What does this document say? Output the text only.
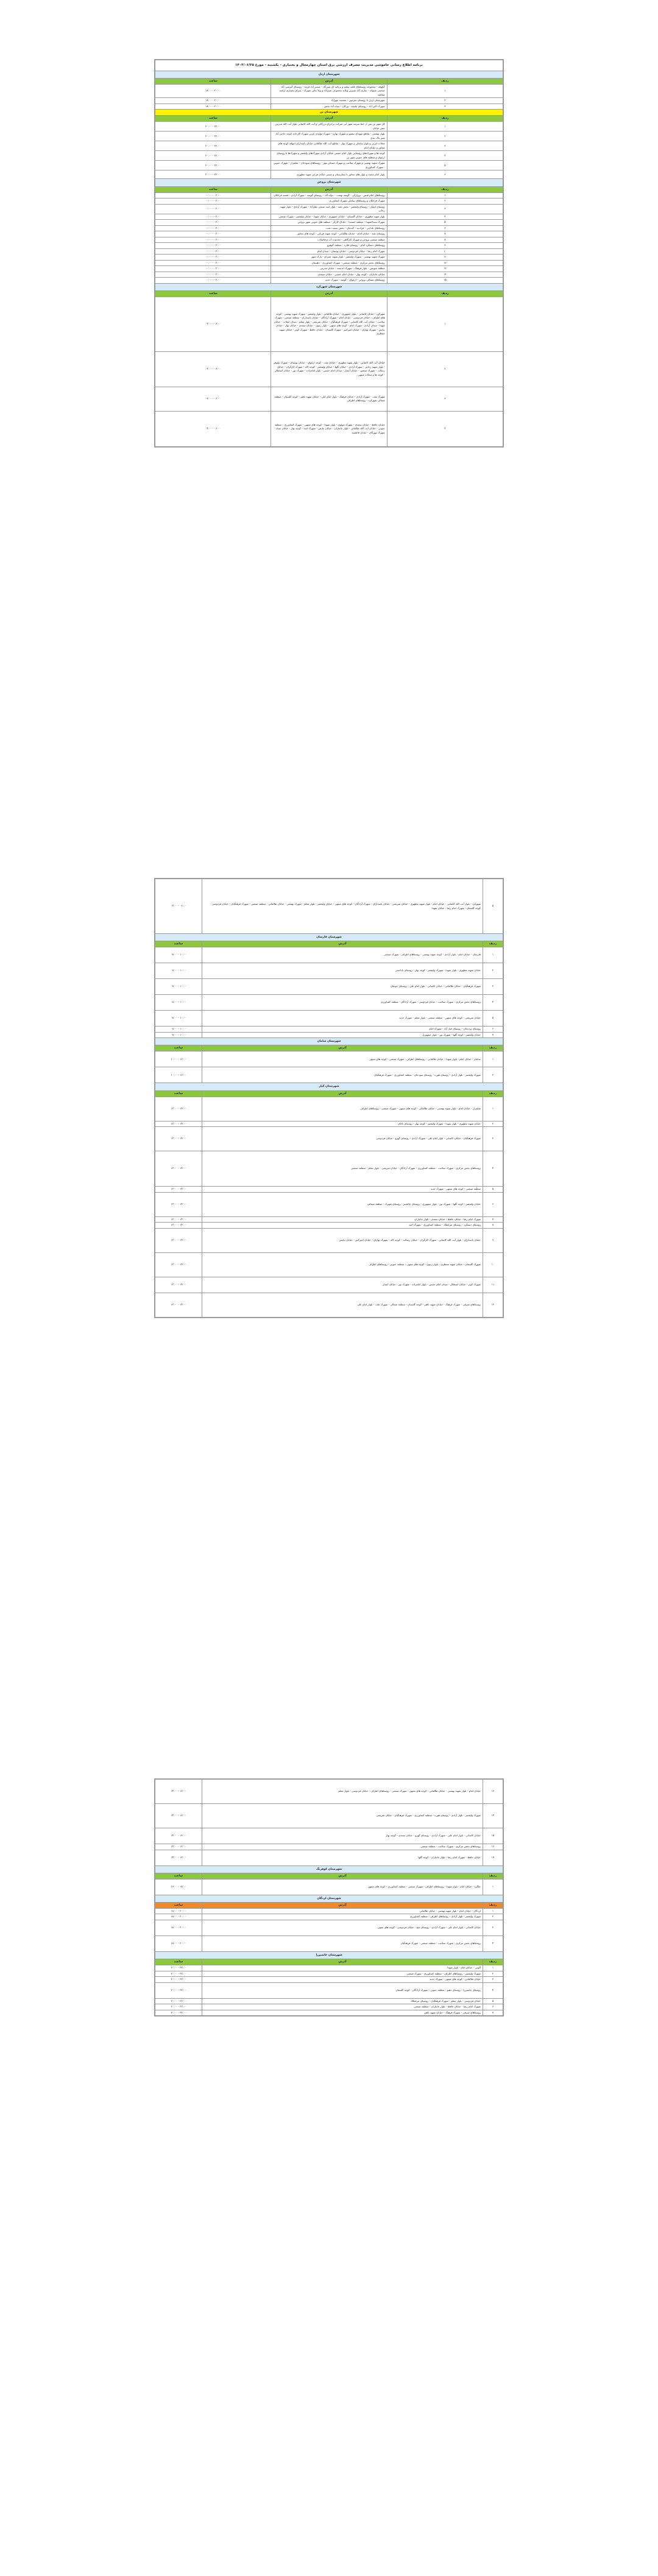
برنامه اطلاع رسانی خاموشی مدیریت مصرف ارزشی برق استان چهارمحال و بختیاری - یکشنبه - مورخ ۱۴۰۳/۰۶/۲۵		
شهرستان اردل		
ردیف	آدرس	ساعت
۱	گیلوقه - مجموعه روستاهای قلعه سلیم و برنامه ای شیرآباد - مسیر آباد قرمه - روستای گبرسی آباد صحبتی شیوانه - ساری آباد شیرین ویلایه مجموعی شیرآباد و ویلا بنایی شهرک - سرای بختیاری ارامنه شاغلند	۱۸:۰۰ - ۲۰:۰۰
۲	شهرستان اردل تا روستای سرتیپی - نقشبند مهرآباد	۱۸:۰۰ - ۲۰:۰۰
۳	شهرک اکبر آباد - روستای چلیچه - ورکان - سیاه آباد بخش	۱۸:۰۰ - ۲۰:۰۰
شهرستان بن		
ردیف	آدرس	ساعت
۱	کل شهر بن پس از خط سرمه شهر آبی شرکت برادران بزرگانی و آیت الله کاشانی بلوار آیت الله مدرس نبش خیابان	۲۰:۰۰ - ۲۲:۰۰
۲	بلوار بهشتی - تقاطع شهدای بیشتر و شهرک بهاره - شهرک تولیدی غربی شهرک کارخانه کوچه حاجی آباد شیر پاک بندی	۲۰:۰۰ - ۲۲:۰۰
۳	محلات غربی و بلوار ساحلی و شهرک بهار - تقاطع آیت الله طالقانی خیابان پاسداران انتهای کوچه های مجاور و خیابان امام	۲۰:۰۰ - ۲۲:۰۰
۴	کوچه ها و شهرک‌های روستایی بلوار امام خمینی خیابان آزادی شهرک‌های ولیعصر و شهرک‌ها تا روستای ارغوان و منطقه های جنوبی شهر بن	۲۰:۰۰ - ۲۲:۰۰
۵	شهرک شهید بهشتی و شهرک سلامت و شهرک مسکن مهر - روستاهای سودجان - شلمزار - شهرک جنوبی - شهرک کشاورزی	۲۰:۰۰ - ۲۲:۰۰
۶	بلوار امام محمد و بلوار های مجاور تا بیمارستان و مسیر خیابان فرعی شهید مطهری	۲۰:۰۰ - ۲۲:۰۰
شهرستان بروجن		
ردیف	آدرس	ساعت
۱	روستاهای امام قیس - بروارگی - گوشه بهشت - دولت‌آباد - روستای گوسه - شهرک آزادی - قصبه فرانکان	۰۰:۰۰ - ۰۲:۰۰
۲	شهرک فرانکان و روستاهای ساملی شهرک کشاورزی	۰۰:۰۰ - ۰۲:۰۰
۳	روستای ایشار - روستای ولیعصر - بخش نقنه - بلوار اسد سنجی نظرآباد - شهرک آزادی - بلوار شهید رجایی	۰۰:۰۰ - ۰۲:۰۰
۴	بلوار شهید مطهری - خیابان گلستان - خیابان جمهوری - خیابان شهدا - خیابان ولیعصر - شهرک صنعتی	۰۰:۰۰ - ۰۲:۰۰
۵	شهرک سیدالشهدا - منطقه اشمندا - خیابان کارگر - منطقه های جنوبی شهر بروجن	۰۰:۰۰ - ۰۲:۰۰
۶	روستاهای بلداجی - فرادنبه - گندمان - بخش سفید دشت	۰۰:۰۰ - ۰۲:۰۰
۷	روستای نقنه - خیابان امام - خیابان طالقانی - کوچه شهید قربانی - کوچه های مجاور	۰۰:۰۰ - ۰۲:۰۰
۸	منطقه صنعتی بروجن و شهرک کارگاهی - محدوده آب و فاضلاب	۰۰:۰۰ - ۰۲:۰۰
۹	روستاهای دستگرد امام - روستای فلارد - منطقه گوهرو	۰۰:۰۰ - ۰۲:۰۰
۱۰	شهرک امام رضا - خیابان فردوسی - خیابان بوستان - میدان امام	۰۰:۰۰ - ۰۲:۰۰
۱۱	شهرک شهید بهشتی - شهرک ولیعصر - بلوار شهید چمران - پارک شهر	۰۰:۰۰ - ۰۲:۰۰
۱۲	روستاهای بخش مرکزی - منطقه صنعتی - شهرک کشاورزی - دهستان	۰۰:۰۰ - ۰۲:۰۰
۱۳	منطقه سوسن - بلوار فرهنگ - شهرک اندیشه - خیابان مدرس	۰۰:۰۰ - ۰۲:۰۰
۱۴	خیابان جانبازان - کوچه بهار - خیابان امام خمینی - خیابان سعدی	۰۰:۰۰ - ۰۲:۰۰
۱۵	روستاهای شمالی بروجن - ارغوان - گوشه - شهرک جدید	۰۰:۰۰ - ۰۲:۰۰
شهرستان شهرکرد		
ردیف	آدرس	ساعت
۱	شهرکرد - خیابان کاشانی - بلوار جمهوری - خیابان طالقانی - بلوار ولیعصر - شهرک شهید بهشتی - کوچه های اطراف - خیابان فردوسی - خیابان امام - شهرک آزادگان - خیابان پاسداران - منطقه صنعتی - شهرک سلامت - خیابان آیت الله کاشانی - شهرک فرهنگیان - خیابان شریعتی - بلوار معلم - میدان انقلاب - خیابان شهدا - میدان آزادی - شهرک امام - کوچه های منتهی - بلوار زیتون - خیابان سعدی - خیابان بهار - خیابان نیایش - شهرک بهاران - خیابان امیرکبیر - شهرک گلستان - خیابان حافظ - شهرک کوثر - خیابان شهید منتظری	۰۴:۰۰ - ۰۶:۰۰
۲	خیابان آیت الله کاشانی - بلوار شهید مطهری - خیابان ملت - کوچه ارغوان - خیابان بوستان - شهرک نیلوفر - بلوار شهید رجایی - شهرک آزادی - خیابان گلها - خیابان ولیعصر - کوچه لاله - شهرک کارگران - خیابان رسالت - شهرک صنعتی - خیابان آبشار - میدان امام حسین - بلوار امامزاده - شهرک نور - خیابان استقلال - کوچه ها و محلات منتهی	۰۴:۰۰ - ۰۶:۰۰
۳	شهرک ملت - شهرک آزادی - خیابان فرهنگ - بلوار امام علی - خیابان شهید باهنر - کوچه گلستان - منطقه شمالی شهرکرد - روستاهای اطراف	۰۴:۰۰ - ۰۶:۰۰
۴	خیابان حافظ - خیابان سعدی - شهرک مولوی - بلوار شهدا - کوچه های منتهی - شهرک کشاورزی - منطقه جنوبی - خیابان آیت الله طالقانی - بلوار جانبازان - خیابان نیایش - شهرک امید - کوچه بهار - خیابان سپاه - شهرک مهرگان - خیابان فاطمیه	۰۴:۰۰ - ۰۶:۰۰
۵	شهرکرد - بلوار آیت الله کاشانی - خیابان امام - بلوار شهید مطهری - خیابان شریعتی - خیابان پاسداران - شهرک آزادگان - کوچه های منتهی - خیابان ولیعصر - بلوار معلم - شهرک بهشتی - خیابان طالقانی - منطقه صنعتی - شهرک فرهنگیان - خیابان فردوسی - کوچه گلستان - شهرک امام رضا - خیابان شهدا	۰۴:۰۰ - ۰۶:۰۰
شهرستان فارسان		
ردیف	آدرس	ساعت
۱	فارسان - خیابان امام - بلوار آزادی - کوچه شهید بهشتی - روستاهای اطراف - شهرک صنعتی	۰۸:۰۰ - ۱۰:۰۰
۲	خیابان شهید مطهری - بلوار شهدا - شهرک ولیعصر - کوچه بهار - روستای باباحیدر	۰۸:۰۰ - ۱۰:۰۰
۳	شهرک فرهنگیان - خیابان طالقانی - خیابان کاشانی - بلوار امام علی - روستای جونقان	۰۸:۰۰ - ۱۰:۰۰
۴	روستاهای بخش مرکزی - شهرک سلامت - خیابان فردوسی - شهرک آزادگان - منطقه کشاورزی	۰۸:۰۰ - ۱۰:۰۰
۵	خیابان شریعتی - کوچه های منتهی - منطقه صنعتی - بلوار معلم - شهرک جدید	۰۸:۰۰ - ۱۰:۰۰
۶	روستای پردنجان - روستای فیل آباد - شهرک امام	۰۸:۰۰ - ۱۰:۰۰
۷	خیابان ولیعصر - کوچه گلها - شهرک نور - بلوار جمهوری	۰۸:۰۰ - ۱۰:۰۰
شهرستان سامان		
ردیف	آدرس	ساعت
۱	سامان - خیابان امام - بلوار شهدا - خیابان طالقانی - روستاهای اطراف - شهرک صنعتی - کوچه های منتهی	۱۰:۰۰ - ۱۲:۰۰
۲	شهرک ولیعصر - بلوار آزادی - روستای هوره - روستای سودجان - منطقه کشاورزی - شهرک فرهنگیان	۱۰:۰۰ - ۱۲:۰۰
شهرستان کیار		
ردیف	آدرس	ساعت
۱	شلمزار - خیابان امام - بلوار شهید بهشتی - خیابان طالقانی - کوچه های منتهی - شهرک صنعتی - روستاهای اطراف	۱۲:۰۰ - ۱۴:۰۰
۲	خیابان شهید مطهری - بلوار شهدا - شهرک ولیعصر - کوچه بهار - روستای ناغان	۱۲:۰۰ - ۱۴:۰۰
۳	شهرک فرهنگیان - خیابان کاشانی - بلوار امام علی - شهرک آزادی - روستای گهرو - خیابان فردوسی	۱۲:۰۰ - ۱۴:۰۰
۴	روستاهای بخش مرکزی - شهرک سلامت - منطقه کشاورزی - شهرک آزادگان - خیابان شریعتی - بلوار معلم - منطقه صنعتی	۱۲:۰۰ - ۱۴:۰۰
۵	منطقه صنعتی - کوچه های منتهی - شهرک جدید	۱۲:۰۰ - ۱۴:۰۰
۶	خیابان ولیعصر - کوچه گلها - شهرک نور - بلوار جمهوری - روستای چالشتر - روستای شهرک - منطقه شمالی	۱۲:۰۰ - ۱۴:۰۰
۷	شهرک امام رضا - خیابان حافظ - خیابان سعدی - بلوار جانبازان	۱۲:۰۰ - ۱۴:۰۰
۸	روستای دستگرد - روستای مرغملک - منطقه کشاورزی - شهرک امید	۱۲:۰۰ - ۱۴:۰۰
۹	خیابان پاسداران - بلوار آیت الله کاشانی - شهرک کارگران - خیابان رسالت - کوچه لاله - شهرک بهاران - خیابان امیرکبیر - خیابان نیایش	۱۲:۰۰ - ۱۴:۰۰
۱۰	شهرک گلستان - خیابان شهید منتظری - بلوار زیتون - کوچه های منتهی - منطقه جنوبی - روستاهای اطراف	۱۲:۰۰ - ۱۴:۰۰
۱۱	شهرک کوثر - خیابان استقلال - میدان امام حسین - بلوار امامزاده - شهرک نور - خیابان آبشار	۱۲:۰۰ - ۱۴:۰۰
۱۲	روستاهای شرقی - شهرک فرهنگ - خیابان شهید باهنر - کوچه گلستان - منطقه شمالی - شهرک ملت - بلوار امام علی	۱۲:۰۰ - ۱۴:۰۰
۱۳	خیابان امام - بلوار شهید بهشتی - خیابان طالقانی - کوچه های منتهی - شهرک صنعتی - روستاهای اطراف - خیابان فردوسی - بلوار معلم	۱۴:۰۰ - ۱۶:۰۰
۱۴	شهرک ولیعصر - بلوار آزادی - روستای هوره - منطقه کشاورزی - شهرک فرهنگیان - خیابان شریعتی	۱۴:۰۰ - ۱۶:۰۰
۱۵	خیابان کاشانی - بلوار امام علی - شهرک آزادی - روستای گهرو - خیابان سعدی - کوچه بهار	۱۴:۰۰ - ۱۶:۰۰
۱۶	روستاهای بخش مرکزی - شهرک سلامت - منطقه صنعتی	۱۴:۰۰ - ۱۶:۰۰
۱۷	خیابان حافظ - شهرک امام رضا - بلوار جانبازان - کوچه گلها	۱۴:۰۰ - ۱۶:۰۰
شهرستان کوهرنگ		
ردیف	آدرس	ساعت
۱	چلگرد - خیابان امام - بلوار شهدا - روستاهای اطراف - شهرک صنعتی - منطقه کشاورزی - کوچه های منتهی	۱۶:۰۰ - ۱۸:۰۰
شهرستان لردگان		
ردیف	آدرس	ساعت
۱	لردگان - خیابان امام - بلوار شهید بهشتی - خیابان طالقانی	۱۸:۰۰ - ۲۰:۰۰
۲	شهرک ولیعصر - بلوار آزادی - روستاهای اطراف - منطقه کشاورزی	۱۸:۰۰ - ۲۰:۰۰
۳	خیابان کاشانی - بلوار امام علی - شهرک آزادی - روستای منج - خیابان فردوسی - کوچه های منتهی	۱۸:۰۰ - ۲۰:۰۰
۴	روستاهای بخش مرکزی - شهرک سلامت - منطقه صنعتی - شهرک فرهنگیان	۱۸:۰۰ - ۲۰:۰۰
شهرستان خانمیرزا		
ردیف	آدرس	ساعت
۱	آلونی - خیابان امام - بلوار شهدا	۲۰:۰۰ - ۲۲:۰۰
۲	شهرک ولیعصر - روستاهای اطراف - منطقه کشاورزی - شهرک صنعتی	۲۰:۰۰ - ۲۲:۰۰
۳	خیابان طالقانی - کوچه های منتهی - شهرک جدید	۲۰:۰۰ - ۲۲:۰۰
۴	روستای خانمیرزا - روستای دهنو - منطقه جنوبی - شهرک آزادگان - کوچه گلستان	۲۰:۰۰ - ۲۲:۰۰
۵	خیابان فردوسی - بلوار معلم - شهرک فرهنگیان - روستای مرغملک	۲۰:۰۰ - ۲۲:۰۰
۶	شهرک امام رضا - خیابان حافظ - بلوار جانبازان - منطقه صنعتی	۲۰:۰۰ - ۲۲:۰۰
۷	روستاهای شرقی - شهرک فرهنگ - خیابان شهید باهنر	۲۰:۰۰ - ۲۲:۰۰
